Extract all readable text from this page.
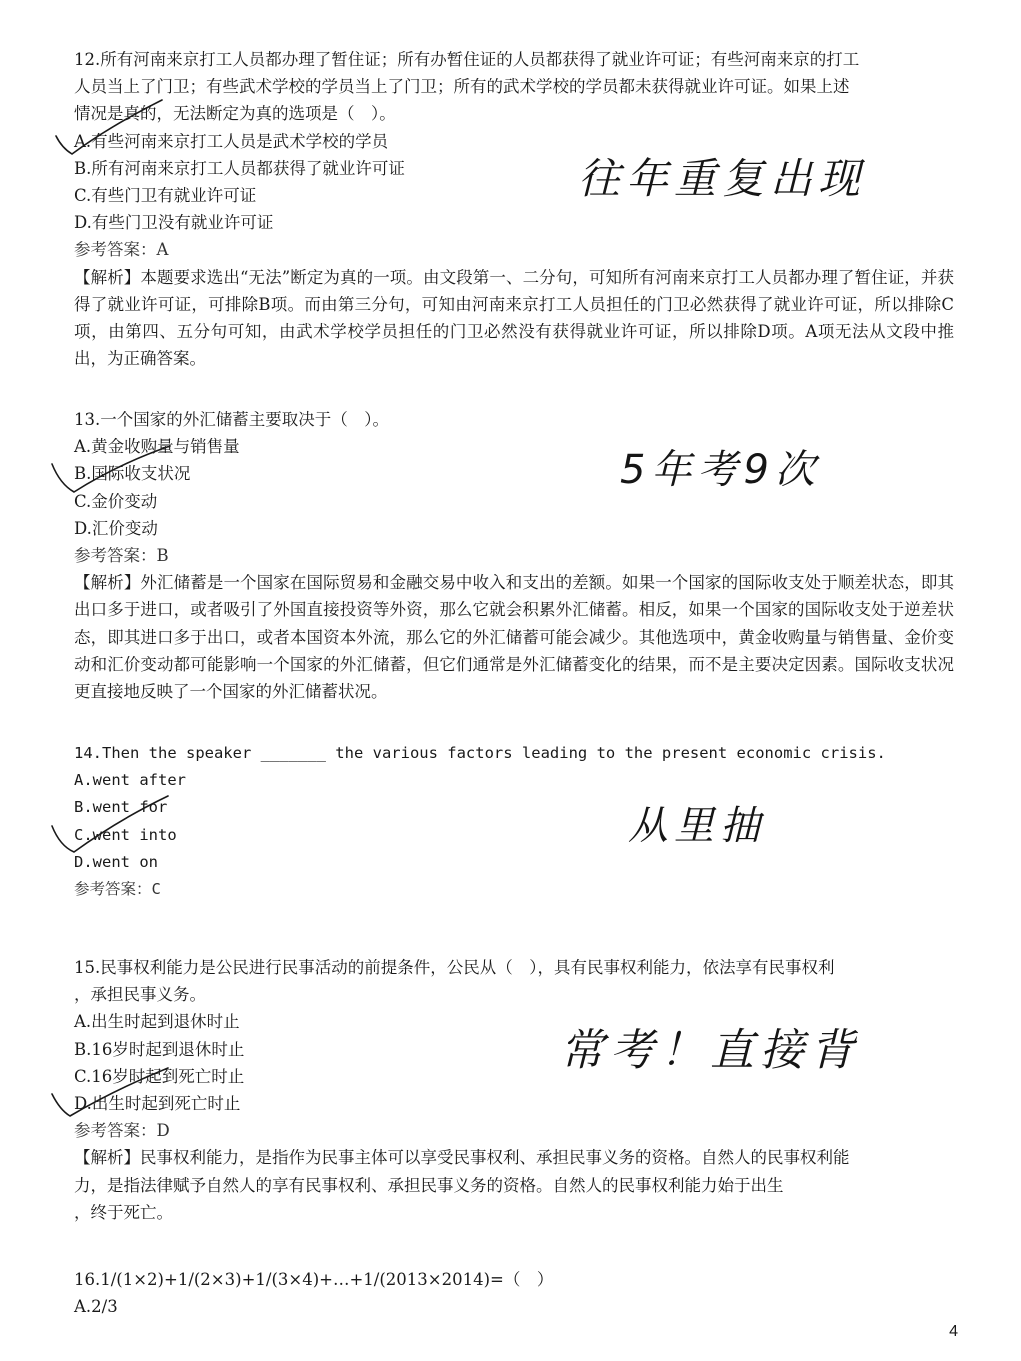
12.所有河南来京打工人员都办理了暂住证；所有办暂住证的人员都获得了就业许可证；有些河南来京的打工
人员当上了门卫；有些武术学校的学员当上了门卫；所有的武术学校的学员都未获得就业许可证。如果上述
情况是真的，无法断定为真的选项是（　）。
A.有些河南来京打工人员是武术学校的学员
B.所有河南来京打工人员都获得了就业许可证
C.有些门卫有就业许可证
D.有些门卫没有就业许可证
参考答案：A
【解析】本题要求选出“无法”断定为真的一项。由文段第一、二分句，可知所有河南来京打工人员都办理了暂住证，并获得了就业许可证，可排除B项。而由第三分句，可知由河南来京打工人员担任的门卫必然获得了就业许可证，所以排除C项，由第四、五分句可知，由武术学校学员担任的门卫必然没有获得就业许可证，所以排除D项。A项无法从文段中推出，为正确答案。
13.一个国家的外汇储蓄主要取决于（　）。
A.黄金收购量与销售量
B.国际收支状况
C.金价变动
D.汇价变动
参考答案：B
【解析】外汇储蓄是一个国家在国际贸易和金融交易中收入和支出的差额。如果一个国家的国际收支处于顺差状态，即其出口多于进口，或者吸引了外国直接投资等外资，那么它就会积累外汇储蓄。相反，如果一个国家的国际收支处于逆差状态，即其进口多于出口，或者本国资本外流，那么它的外汇储蓄可能会减少。其他选项中，黄金收购量与销售量、金价变动和汇价变动都可能影响一个国家的外汇储蓄，但它们通常是外汇储蓄变化的结果，而不是主要决定因素。国际收支状况更直接地反映了一个国家的外汇储蓄状况。
14.Then the speaker _______ the various factors leading to the present economic crisis.
A.went after
B.went for
C.went into
D.went on
参考答案：C
15.民事权利能力是公民进行民事活动的前提条件，公民从（　），具有民事权利能力，依法享有民事权利
，承担民事义务。
A.出生时起到退休时止
B.16岁时起到退休时止
C.16岁时起到死亡时止
D.出生时起到死亡时止
参考答案：D
【解析】民事权利能力，是指作为民事主体可以享受民事权利、承担民事义务的资格。自然人的民事权利能
力，是指法律赋予自然人的享有民事权利、承担民事义务的资格。自然人的民事权利能力始于出生
，终于死亡。
16.1/(1×2)+1/(2×3)+1/(3×4)+…+1/(2013×2014)=（　）
A.2/3
往年重复出现
5年考9次
从里抽
常考！直接背
4
